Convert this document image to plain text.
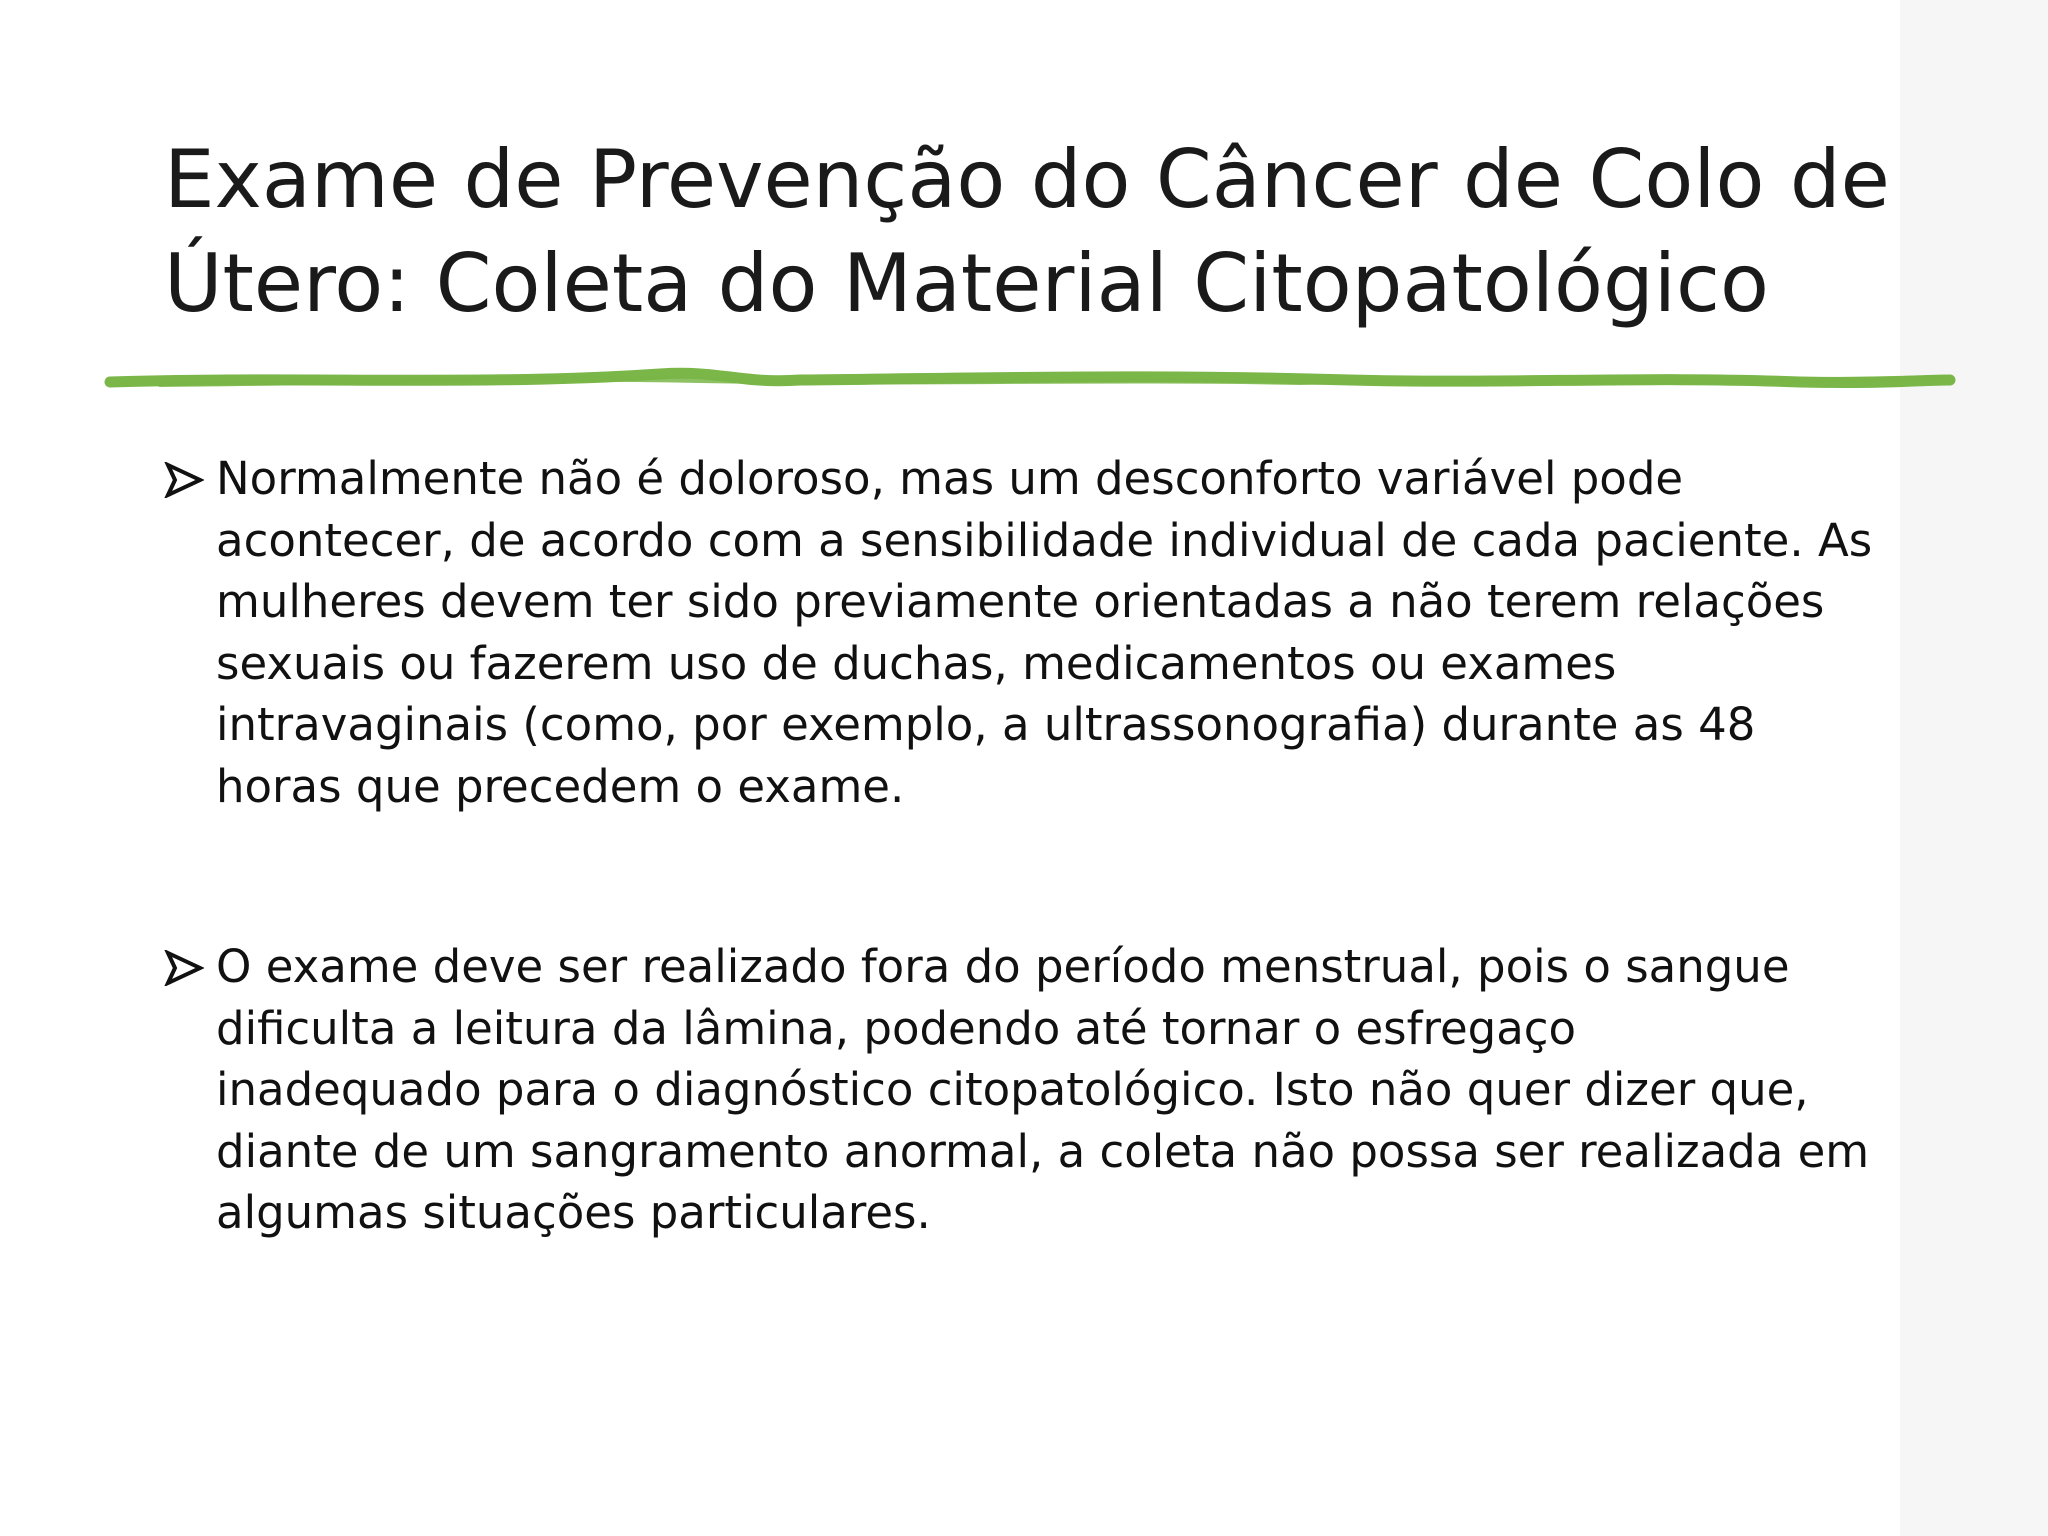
Exame de Prevenção do Câncer de Colo de
Útero: Coleta do Material Citopatológico
Normalmente não é doloroso, mas um desconforto variável pode
acontecer, de acordo com a sensibilidade individual de cada paciente. As
mulheres devem ter sido previamente orientadas a não terem relações
sexuais ou fazerem uso de duchas, medicamentos ou exames
intravaginais (como, por exemplo, a ultrassonografia) durante as 48
horas que precedem o exame.
O exame deve ser realizado fora do período menstrual, pois o sangue
dificulta a leitura da lâmina, podendo até tornar o esfregaço
inadequado para o diagnóstico citopatológico. Isto não quer dizer que,
diante de um sangramento anormal, a coleta não possa ser realizada em
algumas situações particulares.
